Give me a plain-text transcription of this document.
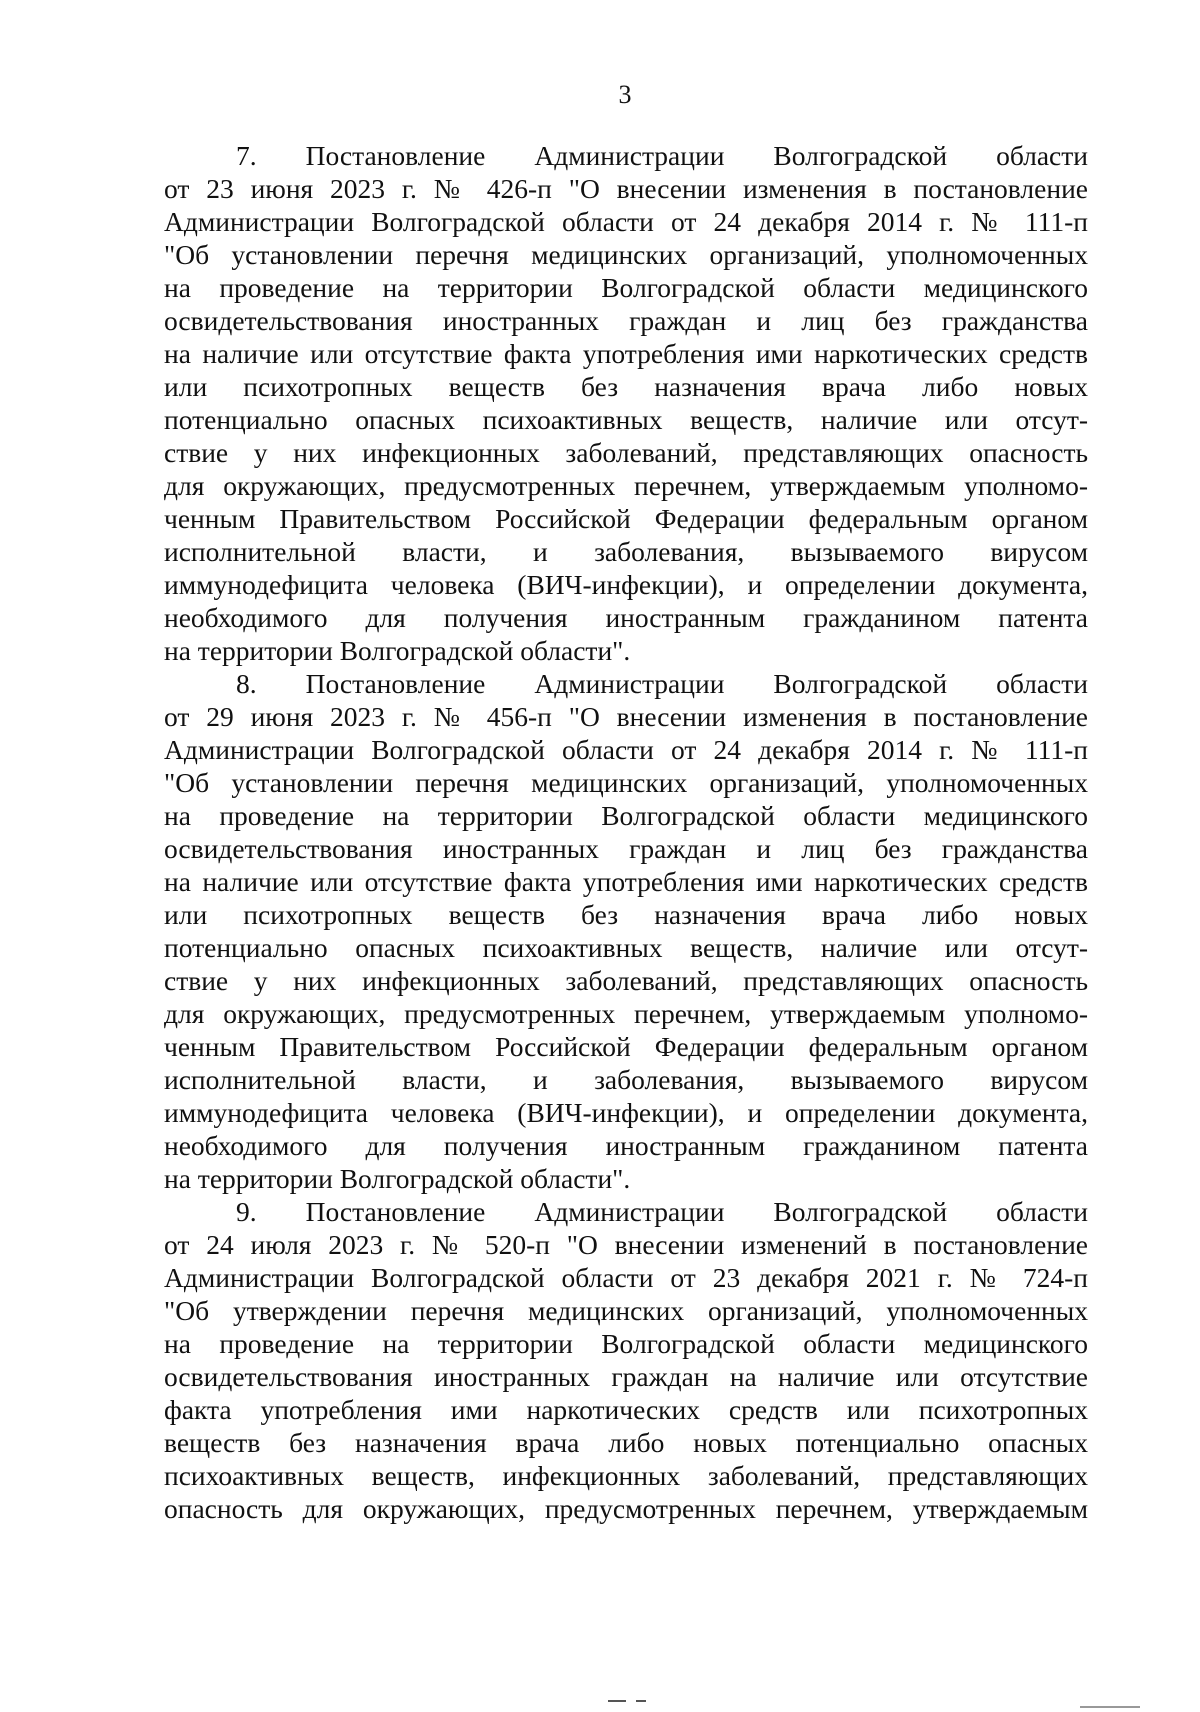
3
7. Постановление Администрации Волгоградской области
от 23 июня 2023 г. № 426-п "О внесении изменения в постановление
Администрации Волгоградской области от 24 декабря 2014 г. № 111-п
"Об установлении перечня медицинских организаций, уполномоченных
на проведение на территории Волгоградской области медицинского
освидетельствования иностранных граждан и лиц без гражданства
на наличие или отсутствие факта употребления ими наркотических средств
или психотропных веществ без назначения врача либо новых
потенциально опасных психоактивных веществ, наличие или отсут-
ствие у них инфекционных заболеваний, представляющих опасность
для окружающих, предусмотренных перечнем, утверждаемым уполномо-
ченным Правительством Российской Федерации федеральным органом
исполнительной власти, и заболевания, вызываемого вирусом
иммунодефицита человека (ВИЧ-инфекции), и определении документа,
необходимого для получения иностранным гражданином патента
на территории Волгоградской области".
8. Постановление Администрации Волгоградской области
от 29 июня 2023 г. № 456-п "О внесении изменения в постановление
Администрации Волгоградской области от 24 декабря 2014 г. № 111-п
"Об установлении перечня медицинских организаций, уполномоченных
на проведение на территории Волгоградской области медицинского
освидетельствования иностранных граждан и лиц без гражданства
на наличие или отсутствие факта употребления ими наркотических средств
или психотропных веществ без назначения врача либо новых
потенциально опасных психоактивных веществ, наличие или отсут-
ствие у них инфекционных заболеваний, представляющих опасность
для окружающих, предусмотренных перечнем, утверждаемым уполномо-
ченным Правительством Российской Федерации федеральным органом
исполнительной власти, и заболевания, вызываемого вирусом
иммунодефицита человека (ВИЧ-инфекции), и определении документа,
необходимого для получения иностранным гражданином патента
на территории Волгоградской области".
9. Постановление Администрации Волгоградской области
от 24 июля 2023 г. № 520-п "О внесении изменений в постановление
Администрации Волгоградской области от 23 декабря 2021 г. № 724-п
"Об утверждении перечня медицинских организаций, уполномоченных
на проведение на территории Волгоградской области медицинского
освидетельствования иностранных граждан на наличие или отсутствие
факта употребления ими наркотических средств или психотропных
веществ без назначения врача либо новых потенциально опасных
психоактивных веществ, инфекционных заболеваний, представляющих
опасность для окружающих, предусмотренных перечнем, утверждаемым
